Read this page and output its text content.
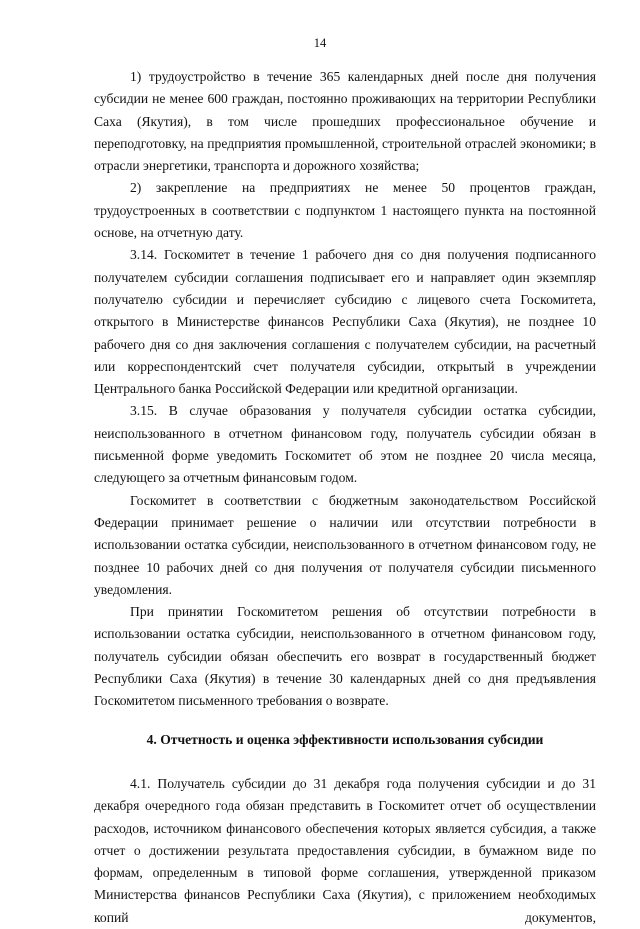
14

1) трудоустройство в течение 365 календарных дней после дня получения субсидии не менее 600 граждан, постоянно проживающих на территории Республики Саха (Якутия), в том числе прошедших профессиональное обучение и переподготовку, на предприятия промышленной, строительной отраслей экономики; в отрасли энергетики, транспорта и дорожного хозяйства;

2) закрепление на предприятиях не менее 50 процентов граждан, трудоустроенных в соответствии с подпунктом 1 настоящего пункта на постоянной основе, на отчетную дату.

3.14. Госкомитет в течение 1 рабочего дня со дня получения подписанного получателем субсидии соглашения подписывает его и направляет один экземпляр получателю субсидии и перечисляет субсидию с лицевого счета Госкомитета, открытого в Министерстве финансов Республики Саха (Якутия), не позднее 10 рабочего дня со дня заключения соглашения с получателем субсидии, на расчетный или корреспондентский счет получателя субсидии, открытый в учреждении Центрального банка Российской Федерации или кредитной организации.

3.15. В случае образования у получателя субсидии остатка субсидии, неиспользованного в отчетном финансовом году, получатель субсидии обязан в письменной форме уведомить Госкомитет об этом не позднее 20 числа месяца, следующего за отчетным финансовым годом.

Госкомитет в соответствии с бюджетным законодательством Российской Федерации принимает решение о наличии или отсутствии потребности в использовании остатка субсидии, неиспользованного в отчетном финансовом году, не позднее 10 рабочих дней со дня получения от получателя субсидии письменного уведомления.

При принятии Госкомитетом решения об отсутствии потребности в использовании остатка субсидии, неиспользованного в отчетном финансовом году, получатель субсидии обязан обеспечить его возврат в государственный бюджет Республики Саха (Якутия) в течение 30 календарных дней со дня предъявления Госкомитетом письменного требования о возврате.

4. Отчетность и оценка эффективности использования субсидии

4.1. Получатель субсидии до 31 декабря года получения субсидии и до 31 декабря очередного года обязан представить в Госкомитет отчет об осуществлении расходов, источником финансового обеспечения которых является субсидия, а также отчет о достижении результата предоставления субсидии, в бумажном виде по формам, определенным в типовой форме соглашения, утвержденной приказом Министерства финансов Республики Саха (Якутия), с приложением необходимых копий документов,
